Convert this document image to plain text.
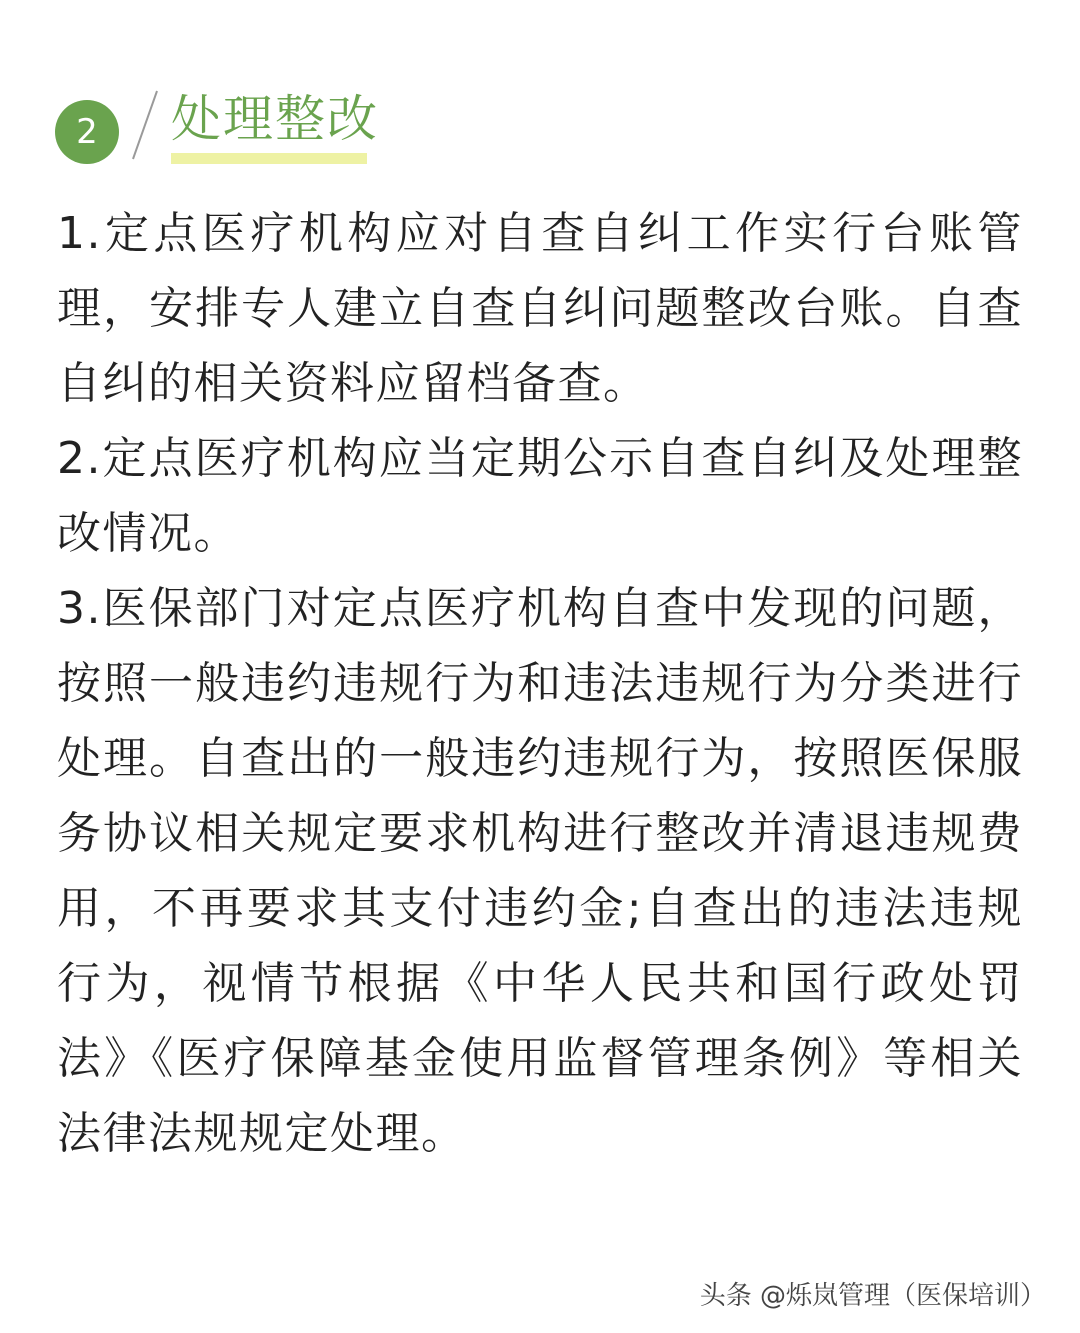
2	处理整改

1.定点医疗机构应对自查自纠工作实行台账管理，安排专人建立自查自纠问题整改台账。自查自纠的相关资料应留档备查。

2.定点医疗机构应当定期公示自查自纠及处理整改情况。

3.医保部门对定点医疗机构自查中发现的问题，按照一般违约违规行为和违法违规行为分类进行处理。自查出的一般违约违规行为，按照医保服务协议相关规定要求机构进行整改并清退违规费用，不再要求其支付违约金;自查出的违法违规行为，视情节根据《中华人民共和国行政处罚法》《医疗保障基金使用监督管理条例》等相关法律法规规定处理。

头条 @烁岚管理（医保培训）
